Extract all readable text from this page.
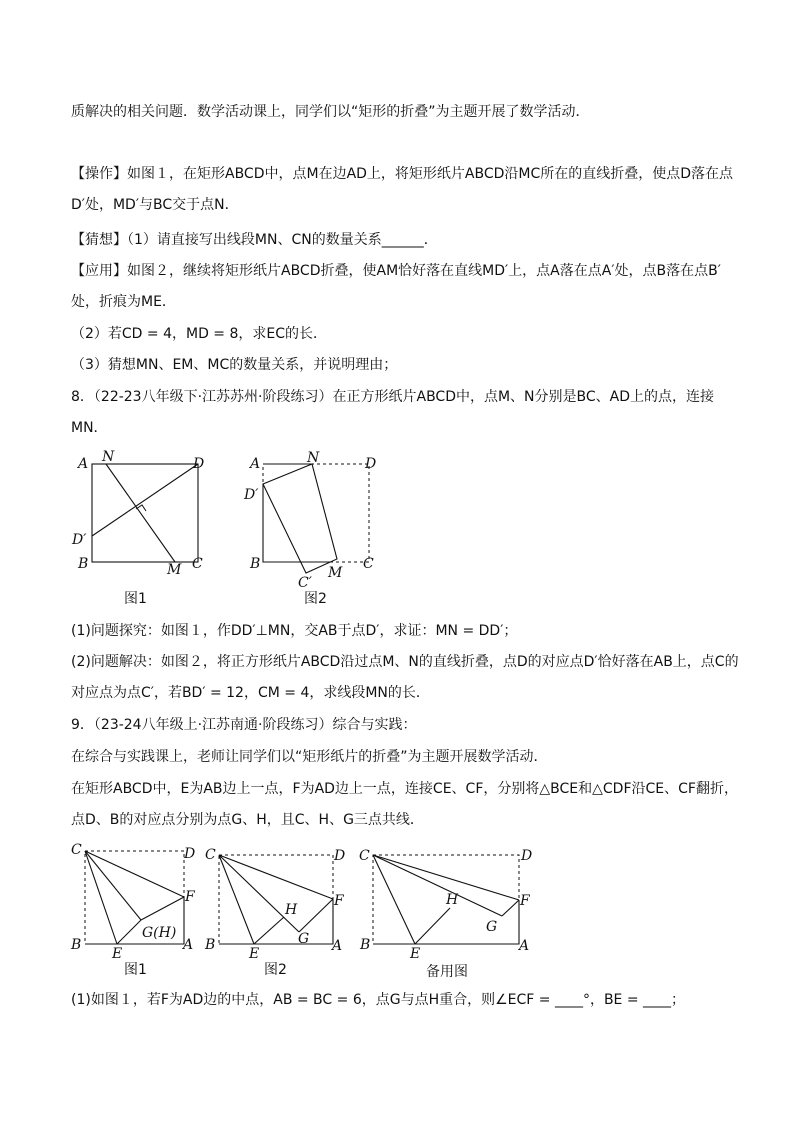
质解决的相关问题．数学活动课上，同学们以“矩形的折叠”为主题开展了数学活动．
【操作】如图１，在矩形ABCD中，点M在边AD上，将矩形纸片ABCD沿MC所在的直线折叠，使点D落在点
D′处，MD′与BC交于点N．
【猜想】（1）请直接写出线段MN、CN的数量关系______．
【应用】如图２，继续将矩形纸片ABCD折叠，使AM恰好落在直线MD′上，点A落在点A′处，点B落在点B′
处，折痕为ME．
（2）若CD = 4，MD = 8，求EC的长．
（3）猜想MN、EM、MC的数量关系，并说明理由；
8．（22-23八年级下·江苏苏州·阶段练习）在正方形纸片ABCD中，点M、N分别是BC、AD上的点，连接
MN．
(1)问题探究：如图１，作DD′⊥MN，交AB于点D′，求证：MN = DD′；
(2)问题解决：如图２，将正方形纸片ABCD沿过点M、N的直线折叠，点D的对应点D′恰好落在AB上，点C的
对应点为点C′，若BD′ = 12，CM = 4，求线段MN的长．
9．（23-24八年级上·江苏南通·阶段练习）综合与实践：
在综合与实践课上，老师让同学们以“矩形纸片的折叠”为主题开展数学活动．
在矩形ABCD中，E为AB边上一点，F为AD边上一点，连接CE、CF，分别将△BCE和△CDF沿CE、CF翻折，
点D、B的对应点分别为点G、H，且C、H、G三点共线．
(1)如图１，若F为AD边的中点，AB = BC = 6，点G与点H重合，则∠ECF = ____°，BE = ____；
A N	D
D′
B	M C
图1
A	N	D
D′
B
C′
M
C
图2
C	D
F
G(H)
B
E
A
图1
C	D
F
H
G
B
E	A
图2
C	D
F
H
G
B
E	A
备用图
